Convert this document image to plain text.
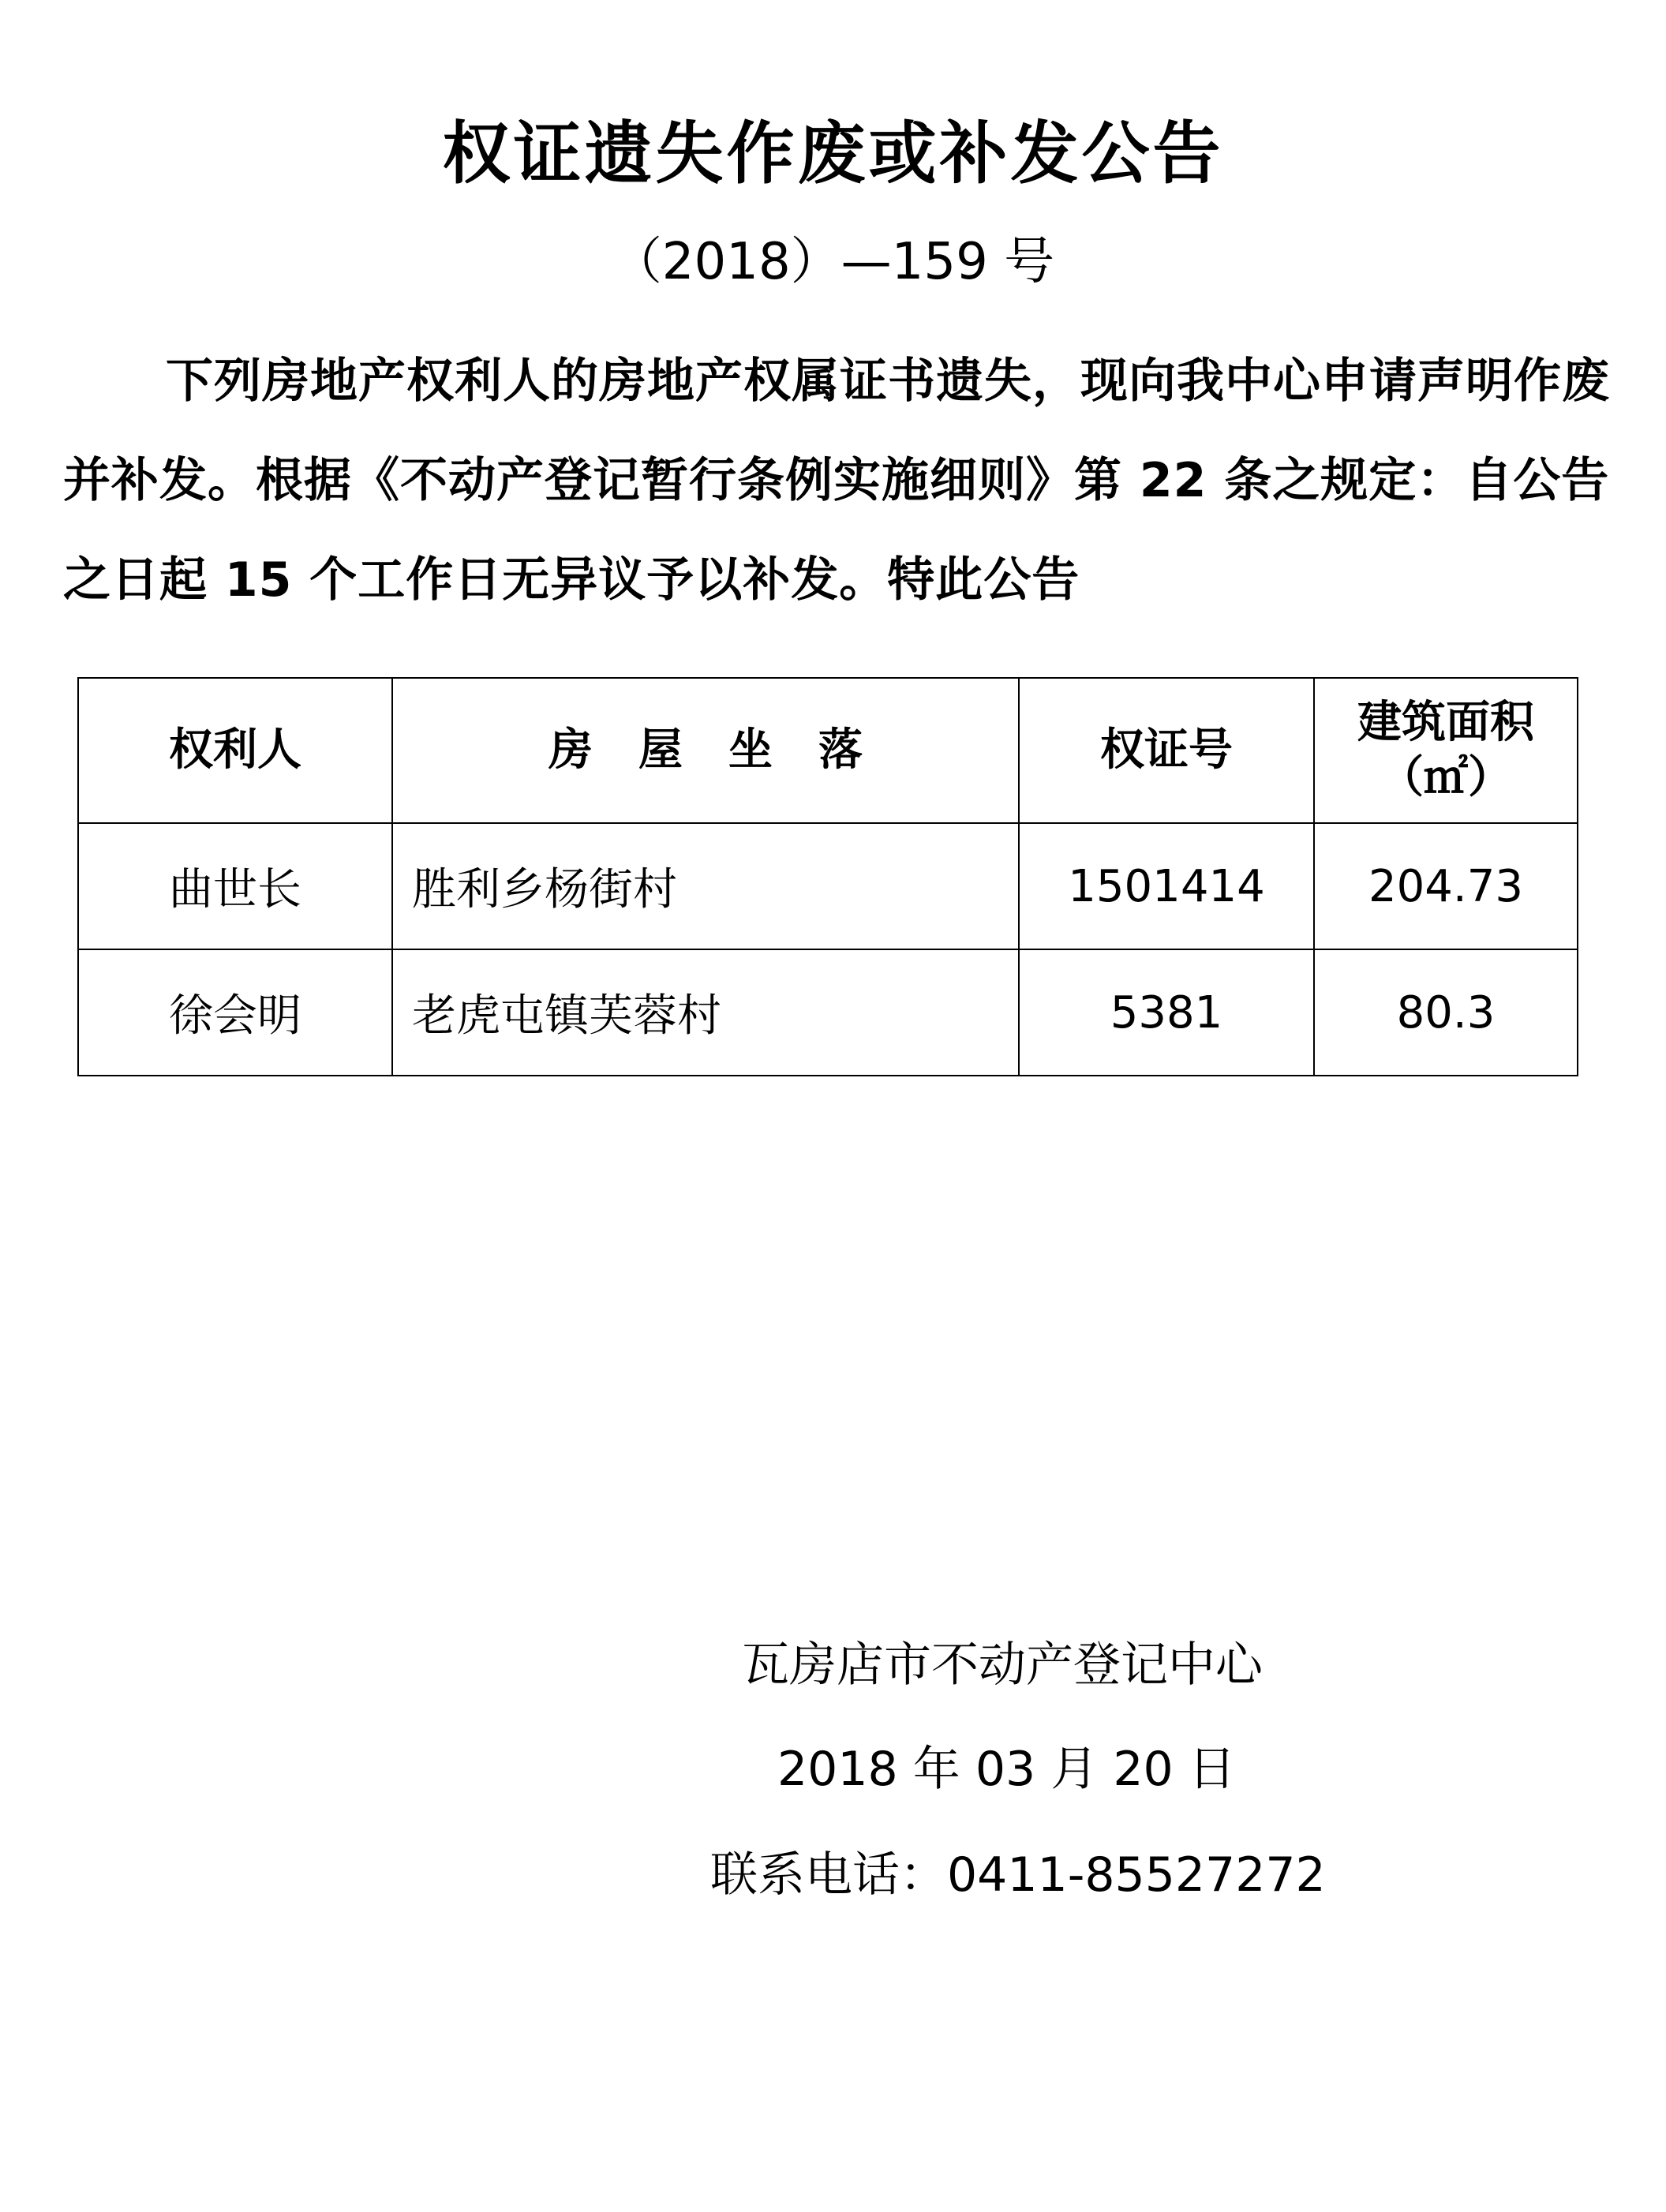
权证遗失作废或补发公告
（2018）—159 号
下列房地产权利人的房地产权属证书遗失，现向我中心申请声明作废并补发。根据《不动产登记暂行条例实施细则》第 22 条之规定：自公告之日起 15 个工作日无异议予以补发。特此公告
权利人	房屋坐落	权证号	建筑面积
（㎡）

曲世长	胜利乡杨街村	1501414	204.73
徐会明	老虎屯镇芙蓉村	5381	80.3
瓦房店市不动产登记中心
2018 年 03 月 20 日
联系电话：0411-85527272
